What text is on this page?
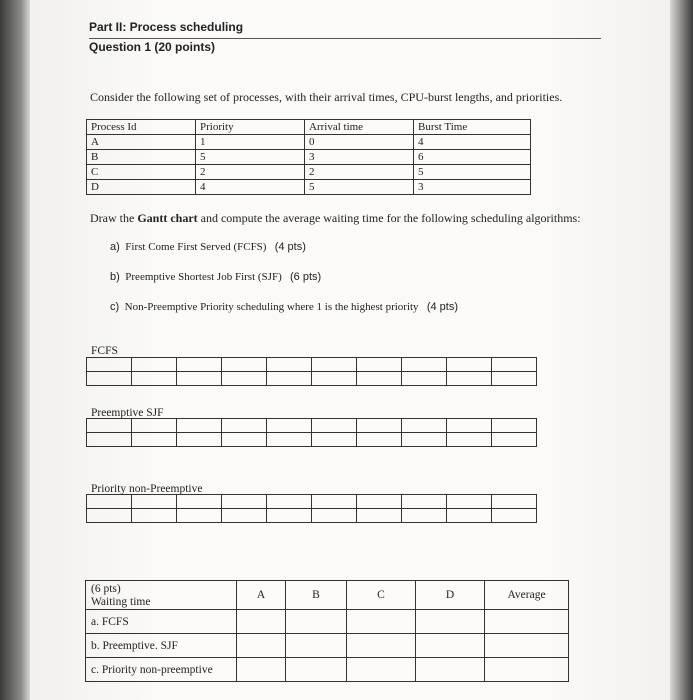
Part II: Process scheduling
Question 1 (20 points)
Consider the following set of processes, with their arrival times, CPU-burst lengths, and priorities.
Process Id	Priority	Arrival time	Burst Time
A	1	0	4
B	5	3	6
C	2	2	5
D	4	5	3
Draw the Gantt chart and compute the average waiting time for the following scheduling algorithms:
a) First Come First Served (FCFS) (4 pts)
b) Preemptive Shortest Job First (SJF) (6 pts)
c) Non-Preemptive Priority scheduling where 1 is the highest priority (4 pts)
FCFS

Preemptive SJF

Priority non-Preemptive

(6 pts)
Waiting time	A	B	C	D	Average
a. FCFS					
b. Preemptive. SJF					
c. Priority non-preemptive					
